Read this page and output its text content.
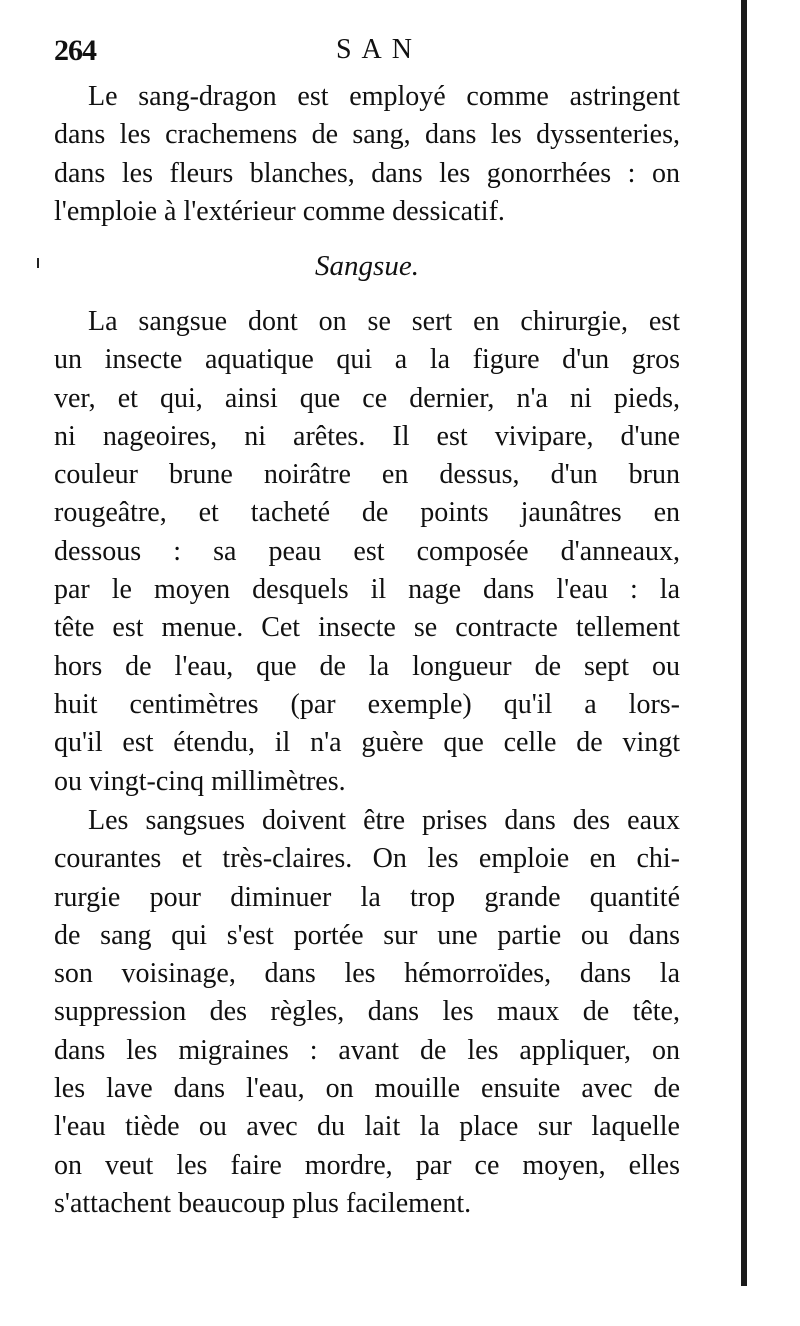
264	SAN
Le sang-dragon est employé comme astringent
dans les crachemens de sang, dans les dyssenteries,
dans les fleurs blanches, dans les gonorrhées : on
l'emploie à l'extérieur comme dessicatif.
Sangsue.
La sangsue dont on se sert en chirurgie, est
un insecte aquatique qui a la figure d'un gros
ver, et qui, ainsi que ce dernier, n'a ni pieds,
ni nageoires, ni arêtes. Il est vivipare, d'une
couleur brune noirâtre en dessus, d'un brun
rougeâtre, et tacheté de points jaunâtres en
dessous : sa peau est composée d'anneaux,
par le moyen desquels il nage dans l'eau : la
tête est menue. Cet insecte se contracte tellement
hors de l'eau, que de la longueur de sept ou
huit centimètres (par exemple) qu'il a lors-
qu'il est étendu, il n'a guère que celle de vingt
ou vingt-cinq millimètres.
Les sangsues doivent être prises dans des eaux
courantes et très-claires. On les emploie en chi-
rurgie pour diminuer la trop grande quantité
de sang qui s'est portée sur une partie ou dans
son voisinage, dans les hémorroïdes, dans la
suppression des règles, dans les maux de tête,
dans les migraines : avant de les appliquer, on
les lave dans l'eau, on mouille ensuite avec de
l'eau tiède ou avec du lait la place sur laquelle
on veut les faire mordre, par ce moyen, elles
s'attachent beaucoup plus facilement.
